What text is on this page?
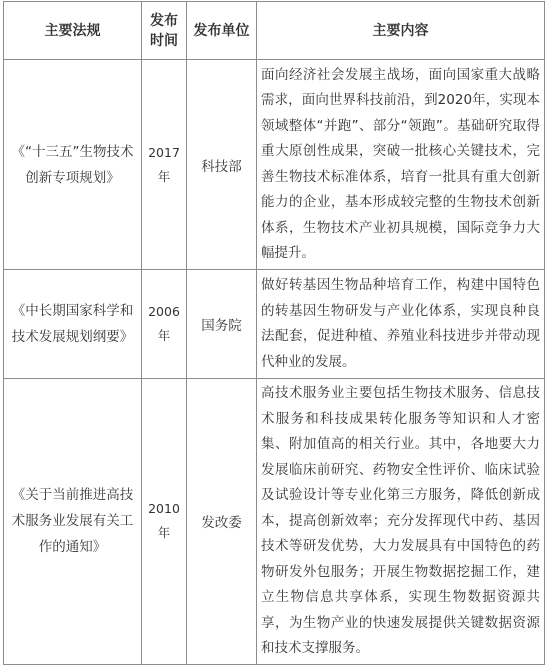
主要法规	发布时间	发布单位	主要内容
《“十三五”生物技术创新专项规划》	2017年	科技部	面向经济社会发展主战场，面向国家重大战略需求，面向世界科技前沿，到2020年，实现本领域整体“并跑”、部分“领跑”。基础研究取得重大原创性成果，突破一批核心关键技术，完善生物技术标准体系，培育一批具有重大创新能力的企业，基本形成较完整的生物技术创新体系，生物技术产业初具规模，国际竞争力大幅提升。
《中长期国家科学和技术发展规划纲要》	2006年	国务院	做好转基因生物品种培育工作，构建中国特色的转基因生物研发与产业化体系，实现良种良法配套，促进种植、养殖业科技进步并带动现代种业的发展。
《关于当前推进高技术服务业发展有关工作的通知》	2010年	发改委	高技术服务业主要包括生物技术服务、信息技术服务和科技成果转化服务等知识和人才密集、附加值高的相关行业。其中，各地要大力发展临床前研究、药物安全性评价、临床试验及试验设计等专业化第三方服务，降低创新成本，提高创新效率；充分发挥现代中药、基因技术等研发优势，大力发展具有中国特色的药物研发外包服务；开展生物数据挖掘工作，建立生物信息共享体系，实现生物数据资源共享，为生物产业的快速发展提供关键数据资源和技术支撑服务。
